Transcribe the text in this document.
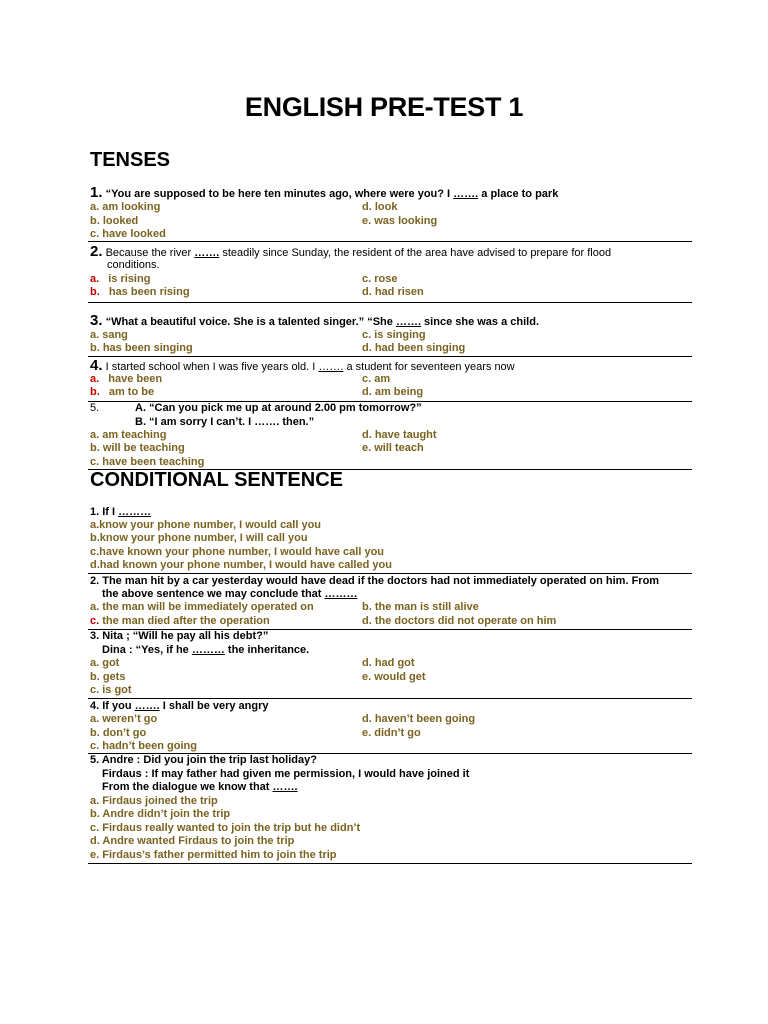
ENGLISH PRE-TEST 1
TENSES
1. “You are supposed to be here ten minutes ago, where were you? I ……. a place to park
a. am looking	d. look
b. looked	e. was looking
c. have looked
2. Because the river ……. steadily since Sunday, the resident of the area have advised to prepare for flood
conditions.
a. is rising	c. rose
b. has been rising	d. had risen
3. “What a beautiful voice. She is a talented singer.” “She ……. since she was a child.
a. sang	c. is singing
b. has been singing	d. had been singing
4. I started school when I was five years old. I ……. a student for seventeen years now
a. have been	c. am
b. am to be	d. am being
5.	A. “Can you pick me up at around 2.00 pm tomorrow?”
B. “I am sorry I can’t. I ……. then.”
a. am teaching	d. have taught
b. will be teaching	e. will teach
c. have been teaching
CONDITIONAL SENTENCE
1. If I ………
a.know your phone number, I would call you
b.know your phone number, I will call you
c.have known your phone number, I would have call you
d.had known your phone number, I would have called you
2. The man hit by a car yesterday would have dead if the doctors had not immediately operated on him. From
the above sentence we may conclude that ………
a. the man will be immediately operated on	b. the man is still alive
c. the man died after the operation	d. the doctors did not operate on him
3. Nita ; “Will he pay all his debt?”
Dina : “Yes, if he ……… the inheritance.
a. got	d. had got
b. gets	e. would get
c. is got
4. If you ……. I shall be very angry
a. weren’t go	d. haven’t been going
b. don’t go	e. didn’t go
c. hadn’t been going
5. Andre : Did you join the trip last holiday?
Firdaus : If may father had given me permission, I would have joined it
From the dialogue we know that …….
a. Firdaus joined the trip
b. Andre didn’t join the trip
c. Firdaus really wanted to join the trip but he didn’t
d. Andre wanted Firdaus to join the trip
e. Firdaus’s father permitted him to join the trip
